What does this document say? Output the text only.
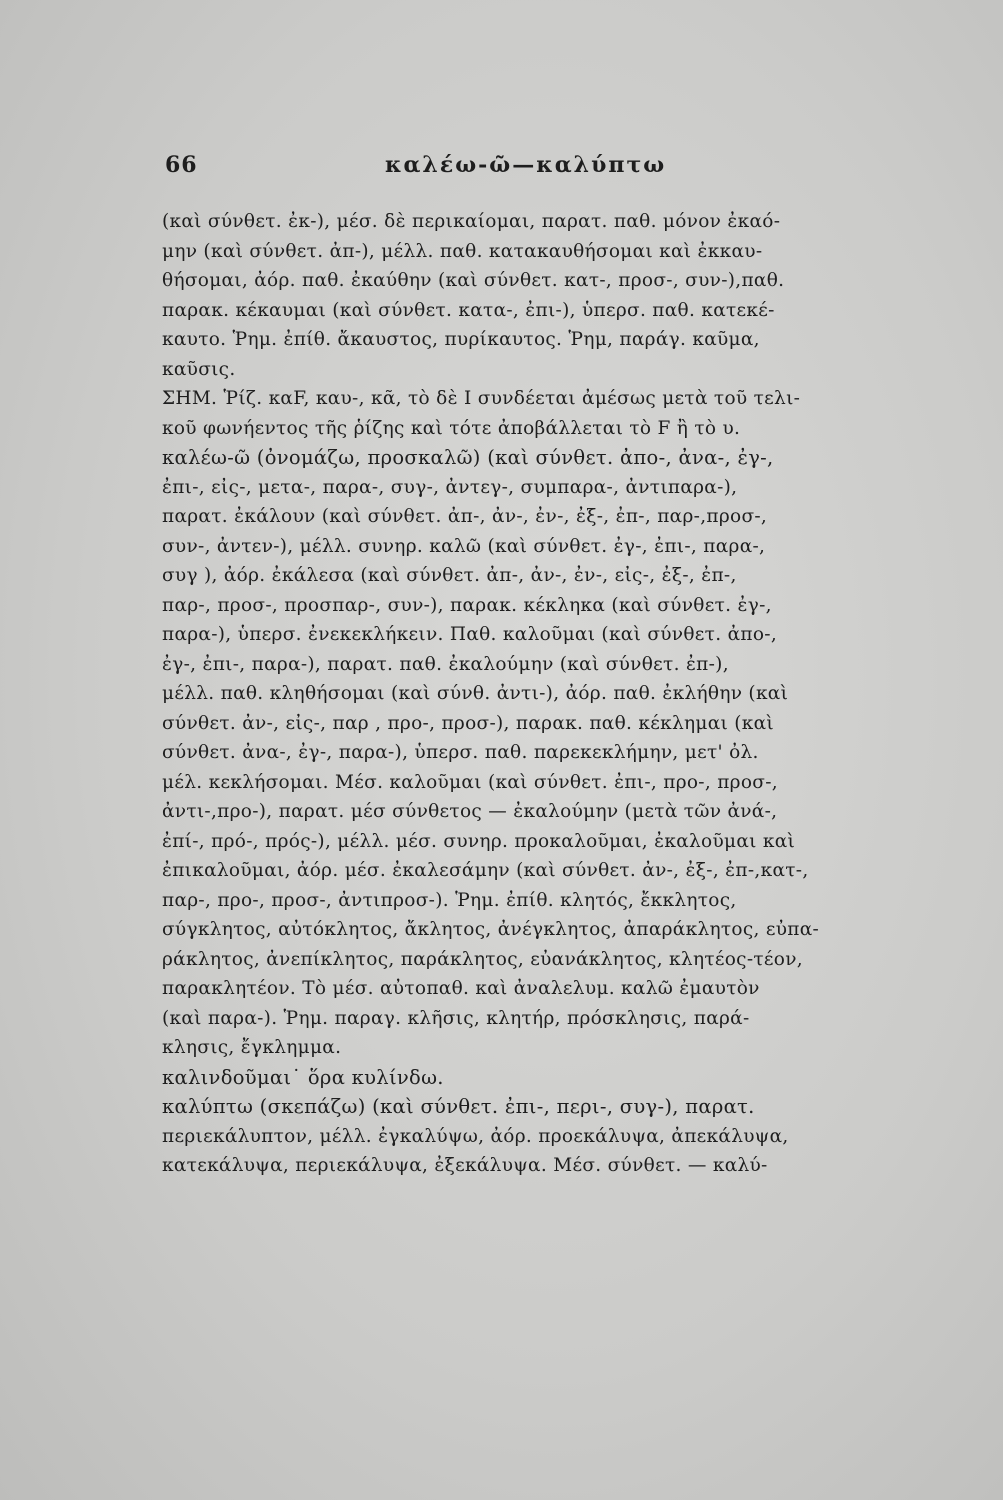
66	καλέω-ῶ—καλύπτω
(καὶ σύνθετ. ἐκ-), μέσ. δὲ περικαίομαι, παρατ. παθ. μόνον ἐκαό-
μην (καὶ σύνθετ. ἀπ-), μέλλ. παθ. κατακαυθήσομαι καὶ ἐκκαυ-
θήσομαι, ἀόρ. παθ. ἐκαύθην (καὶ σύνθετ. κατ-, προσ-, συν-),παθ.
παρακ. κέκαυμαι (καὶ σύνθετ. κατα-, ἐπι-), ὑπερσ. παθ. κατεκέ-
καυτο. Ῥημ. ἐπίθ. ἄκαυστος, πυρίκαυτος. Ῥημ, παράγ. καῦμα,
καῦσις.
ΣΗΜ. Ῥίζ. καF, καυ-, κᾶ, τὸ δὲ Ι συνδέεται ἀμέσως μετὰ τοῦ τελι-
κοῦ φωνήεντος τῆς ῥίζης καὶ τότε ἀποβάλλεται τὸ F ἢ τὸ υ.
καλέω-ῶ (ὀνομάζω, προσκαλῶ) (καὶ σύνθετ. ἀπο-, ἀνα-, ἐγ-,
ἐπι-, εἰς-, μετα-, παρα-, συγ-, ἀντεγ-, συμπαρα-, ἀντιπαρα-),
παρατ. ἐκάλουν (καὶ σύνθετ. ἀπ-, ἀν-, ἐν-, ἐξ-, ἐπ-, παρ-,προσ-,
συν-, ἀντεν-), μέλλ. συνηρ. καλῶ (καὶ σύνθετ. ἐγ-, ἐπι-, παρα-,
συγ ), ἀόρ. ἐκάλεσα (καὶ σύνθετ. ἀπ-, ἀν-, ἐν-, εἰς-, ἐξ-, ἐπ-,
παρ-, προσ-, προσπαρ-, συν-), παρακ. κέκληκα (καὶ σύνθετ. ἐγ-,
παρα-), ὑπερσ. ἐνεκεκλήκειν. Παθ. καλοῦμαι (καὶ σύνθετ. ἀπο-,
ἐγ-, ἐπι-, παρα-), παρατ. παθ. ἐκαλούμην (καὶ σύνθετ. ἐπ-),
μέλλ. παθ. κληθήσομαι (καὶ σύνθ. ἀντι-), ἀόρ. παθ. ἐκλήθην (καὶ
σύνθετ. ἀν-, εἰς-, παρ , προ-, προσ-), παρακ. παθ. κέκλημαι (καὶ
σύνθετ. ἀνα-, ἐγ-, παρα-), ὑπερσ. παθ. παρεκεκλήμην, μετ' ὀλ.
μέλ. κεκλήσομαι. Μέσ. καλοῦμαι (καὶ σύνθετ. ἐπι-, προ-, προσ-,
ἀντι-,προ-), παρατ. μέσ σύνθετος — ἐκαλούμην (μετὰ τῶν ἀνά-,
ἐπί-, πρό-, πρός-), μέλλ. μέσ. συνηρ. προκαλοῦμαι, ἐκαλοῦμαι καὶ
ἐπικαλοῦμαι, ἀόρ. μέσ. ἐκαλεσάμην (καὶ σύνθετ. ἀν-, ἐξ-, ἐπ-,κατ-,
παρ-, προ-, προσ-, ἀντιπροσ-). Ῥημ. ἐπίθ. κλητός, ἔκκλητος,
σύγκλητος, αὐτόκλητος, ἄκλητος, ἀνέγκλητος, ἀπαράκλητος, εὐπα-
ράκλητος, ἀνεπίκλητος, παράκλητος, εὐανάκλητος, κλητέος-τέον,
παρακλητέον. Τὸ μέσ. αὐτοπαθ. καὶ ἀναλελυμ. καλῶ ἐμαυτὸν
(καὶ παρα-). Ῥημ. παραγ. κλῆσις, κλητήρ, πρόσκλησις, παρά-
κλησις, ἔγκλημμα.
καλινδοῦμαι˙ ὅρα κυλίνδω.
καλύπτω (σκεπάζω) (καὶ σύνθετ. ἐπι-, περι-, συγ-), παρατ.
περιεκάλυπτον, μέλλ. ἐγκαλύψω, ἀόρ. προεκάλυψα, ἀπεκάλυψα,
κατεκάλυψα, περιεκάλυψα, ἐξεκάλυψα. Μέσ. σύνθετ. — καλύ-
